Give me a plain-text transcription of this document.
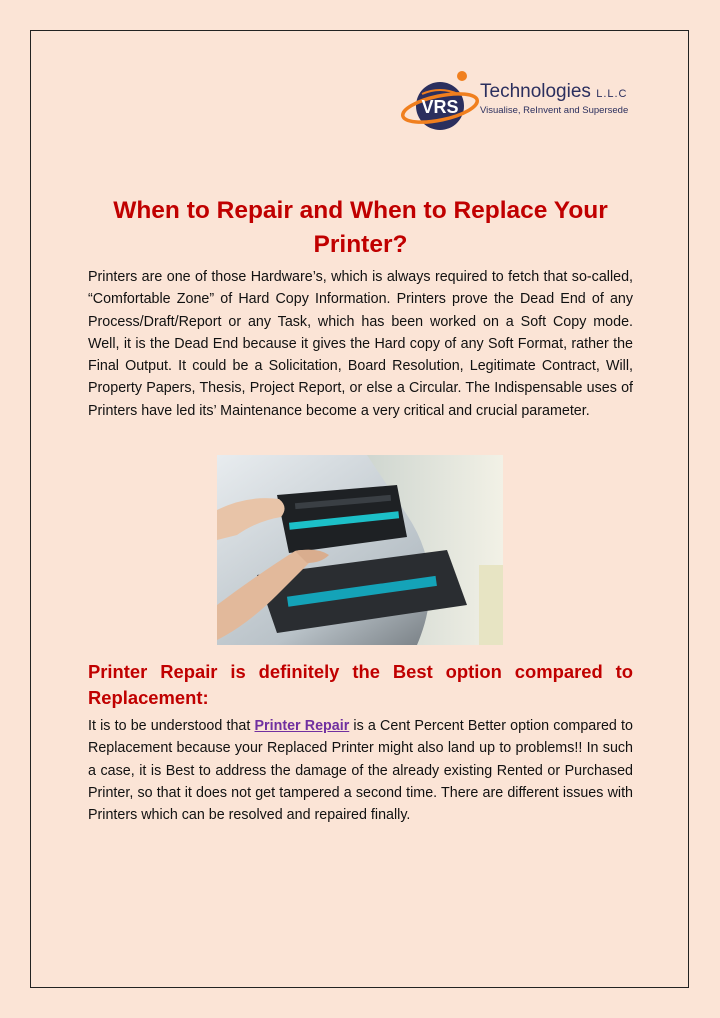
VRS
Technologies L.L.C
Visualise, ReInvent and Supersede
When to Repair and When to Replace Your Printer?
Printers are one of those Hardware’s, which is always required to fetch that so-called, “Comfortable Zone” of Hard Copy Information. Printers prove the Dead End of any Process/Draft/Report or any Task, which has been worked on a Soft Copy mode. Well, it is the Dead End because it gives the Hard copy of any Soft Format, rather the Final Output. It could be a Solicitation, Board Resolution, Legitimate Contract, Will, Property Papers, Thesis, Project Report, or else a Circular. The Indispensable uses of Printers have led its’ Maintenance become a very critical and crucial parameter.
Printer Repair is definitely the Best option compared to Replacement:
It is to be understood that Printer Repair is a Cent Percent Better option compared to Replacement because your Replaced Printer might also land up to problems!! In such a case, it is Best to address the damage of the already existing Rented or Purchased Printer, so that it does not get tampered a second time. There are different issues with Printers which can be resolved and repaired finally.
